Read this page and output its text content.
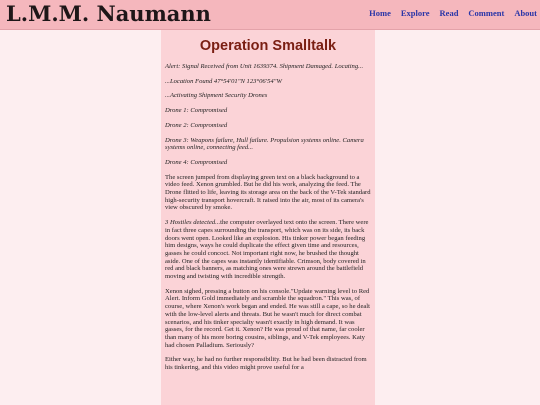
L.M.M. Naumann	Home Explore Read Comment About
Operation Smalltalk

Alert: Signal Received from Unit 1639374. Shipment Damaged. Locating...

...Location Found 47°54'01"N 123°06'54"W

...Activating Shipment Security Drones

Drone 1: Compromised

Drone 2: Compromised

Drone 3: Weapons failure, Hull failure. Propulsion systems online. Camera systems online, connecting feed...

Drone 4: Compromised

The screen jumped from displaying green text on a black background to a video feed. Xenon grumbled. But he did his work, analyzing the feed. The Drone flitted to life, leaving its storage area on the back of the V-Tek standard high-security transport hovercraft. It raised into the air, most of its camera's view obscured by smoke.

3 Hostiles detected...the computer overlayed text onto the screen. There were in fact three capes surrounding the transport, which was on its side, its back doors went open. Looked like an explosion. His tinker power began feeding him designs, ways he could duplicate the effect given time and resources, gasses he could concoct. Not important right now, he brushed the thought aside. One of the capes was instantly identifiable. Crimson, body covered in red and black banners, as matching ones were strewn around the battlefield moving and twisting with incredible strength.

Xenon sighed, pressing a button on his console."Update warning level to Red Alert. Inform Gold immediately and scramble the squadron." This was, of course, where Xenon's work began and ended. He was still a cape, so he dealt with the low-level alerts and threats. But he wasn't much for direct combat scenarios, and his tinker specialty wasn't exactly in high demand. It was gasses, for the record. Get it. Xenon? He was proud of that name, far cooler than many of his more boring cousins, siblings, and V-Tek employees. Katy had chosen Palladium. Seriously?

Either way, he had no further responsibility. But he had been distracted from his tinkering, and this video might prove useful for a
